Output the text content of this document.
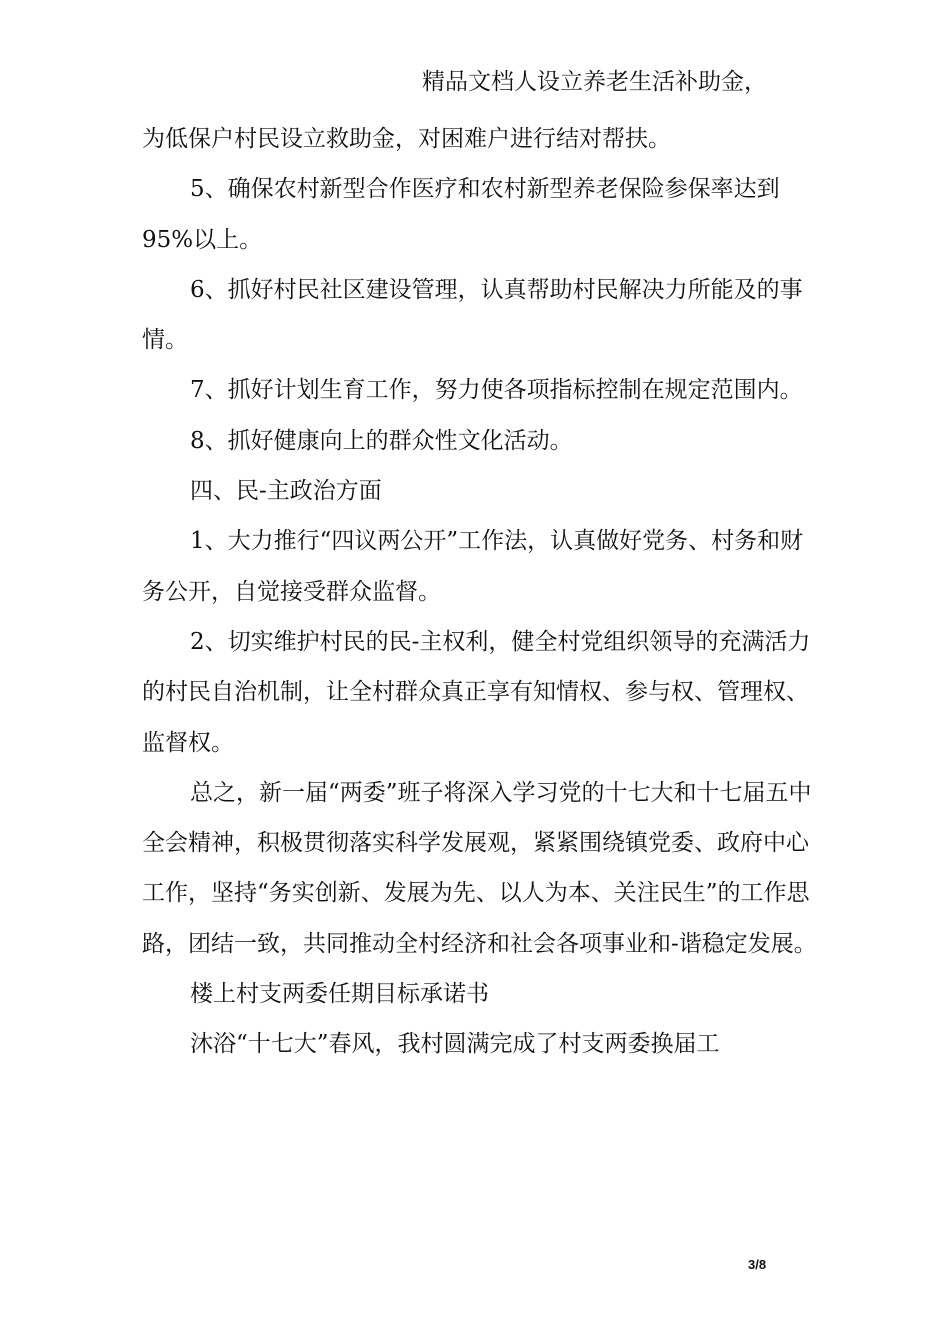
精品文档人设立养老生活补助金，

为低保户村民设立救助金，对困难户进行结对帮扶。

5、确保农村新型合作医疗和农村新型养老保险参保率达到95%以上。

6、抓好村民社区建设管理，认真帮助村民解决力所能及的事情。

7、抓好计划生育工作，努力使各项指标控制在规定范围内。

8、抓好健康向上的群众性文化活动。

四、民-主政治方面

1、大力推行“四议两公开”工作法，认真做好党务、村务和财务公开，自觉接受群众监督。

2、切实维护村民的民-主权利，健全村党组织领导的充满活力的村民自治机制，让全村群众真正享有知情权、参与权、管理权、监督权。

总之，新一届“两委”班子将深入学习党的十七大和十七届五中全会精神，积极贯彻落实科学发展观，紧紧围绕镇党委、政府中心工作，坚持“务实创新、发展为先、以人为本、关注民生”的工作思路，团结一致，共同推动全村经济和社会各项事业和-谐稳定发展。

楼上村支两委任期目标承诺书

沐浴“十七大”春风，我村圆满完成了村支两委换届工

3/8
